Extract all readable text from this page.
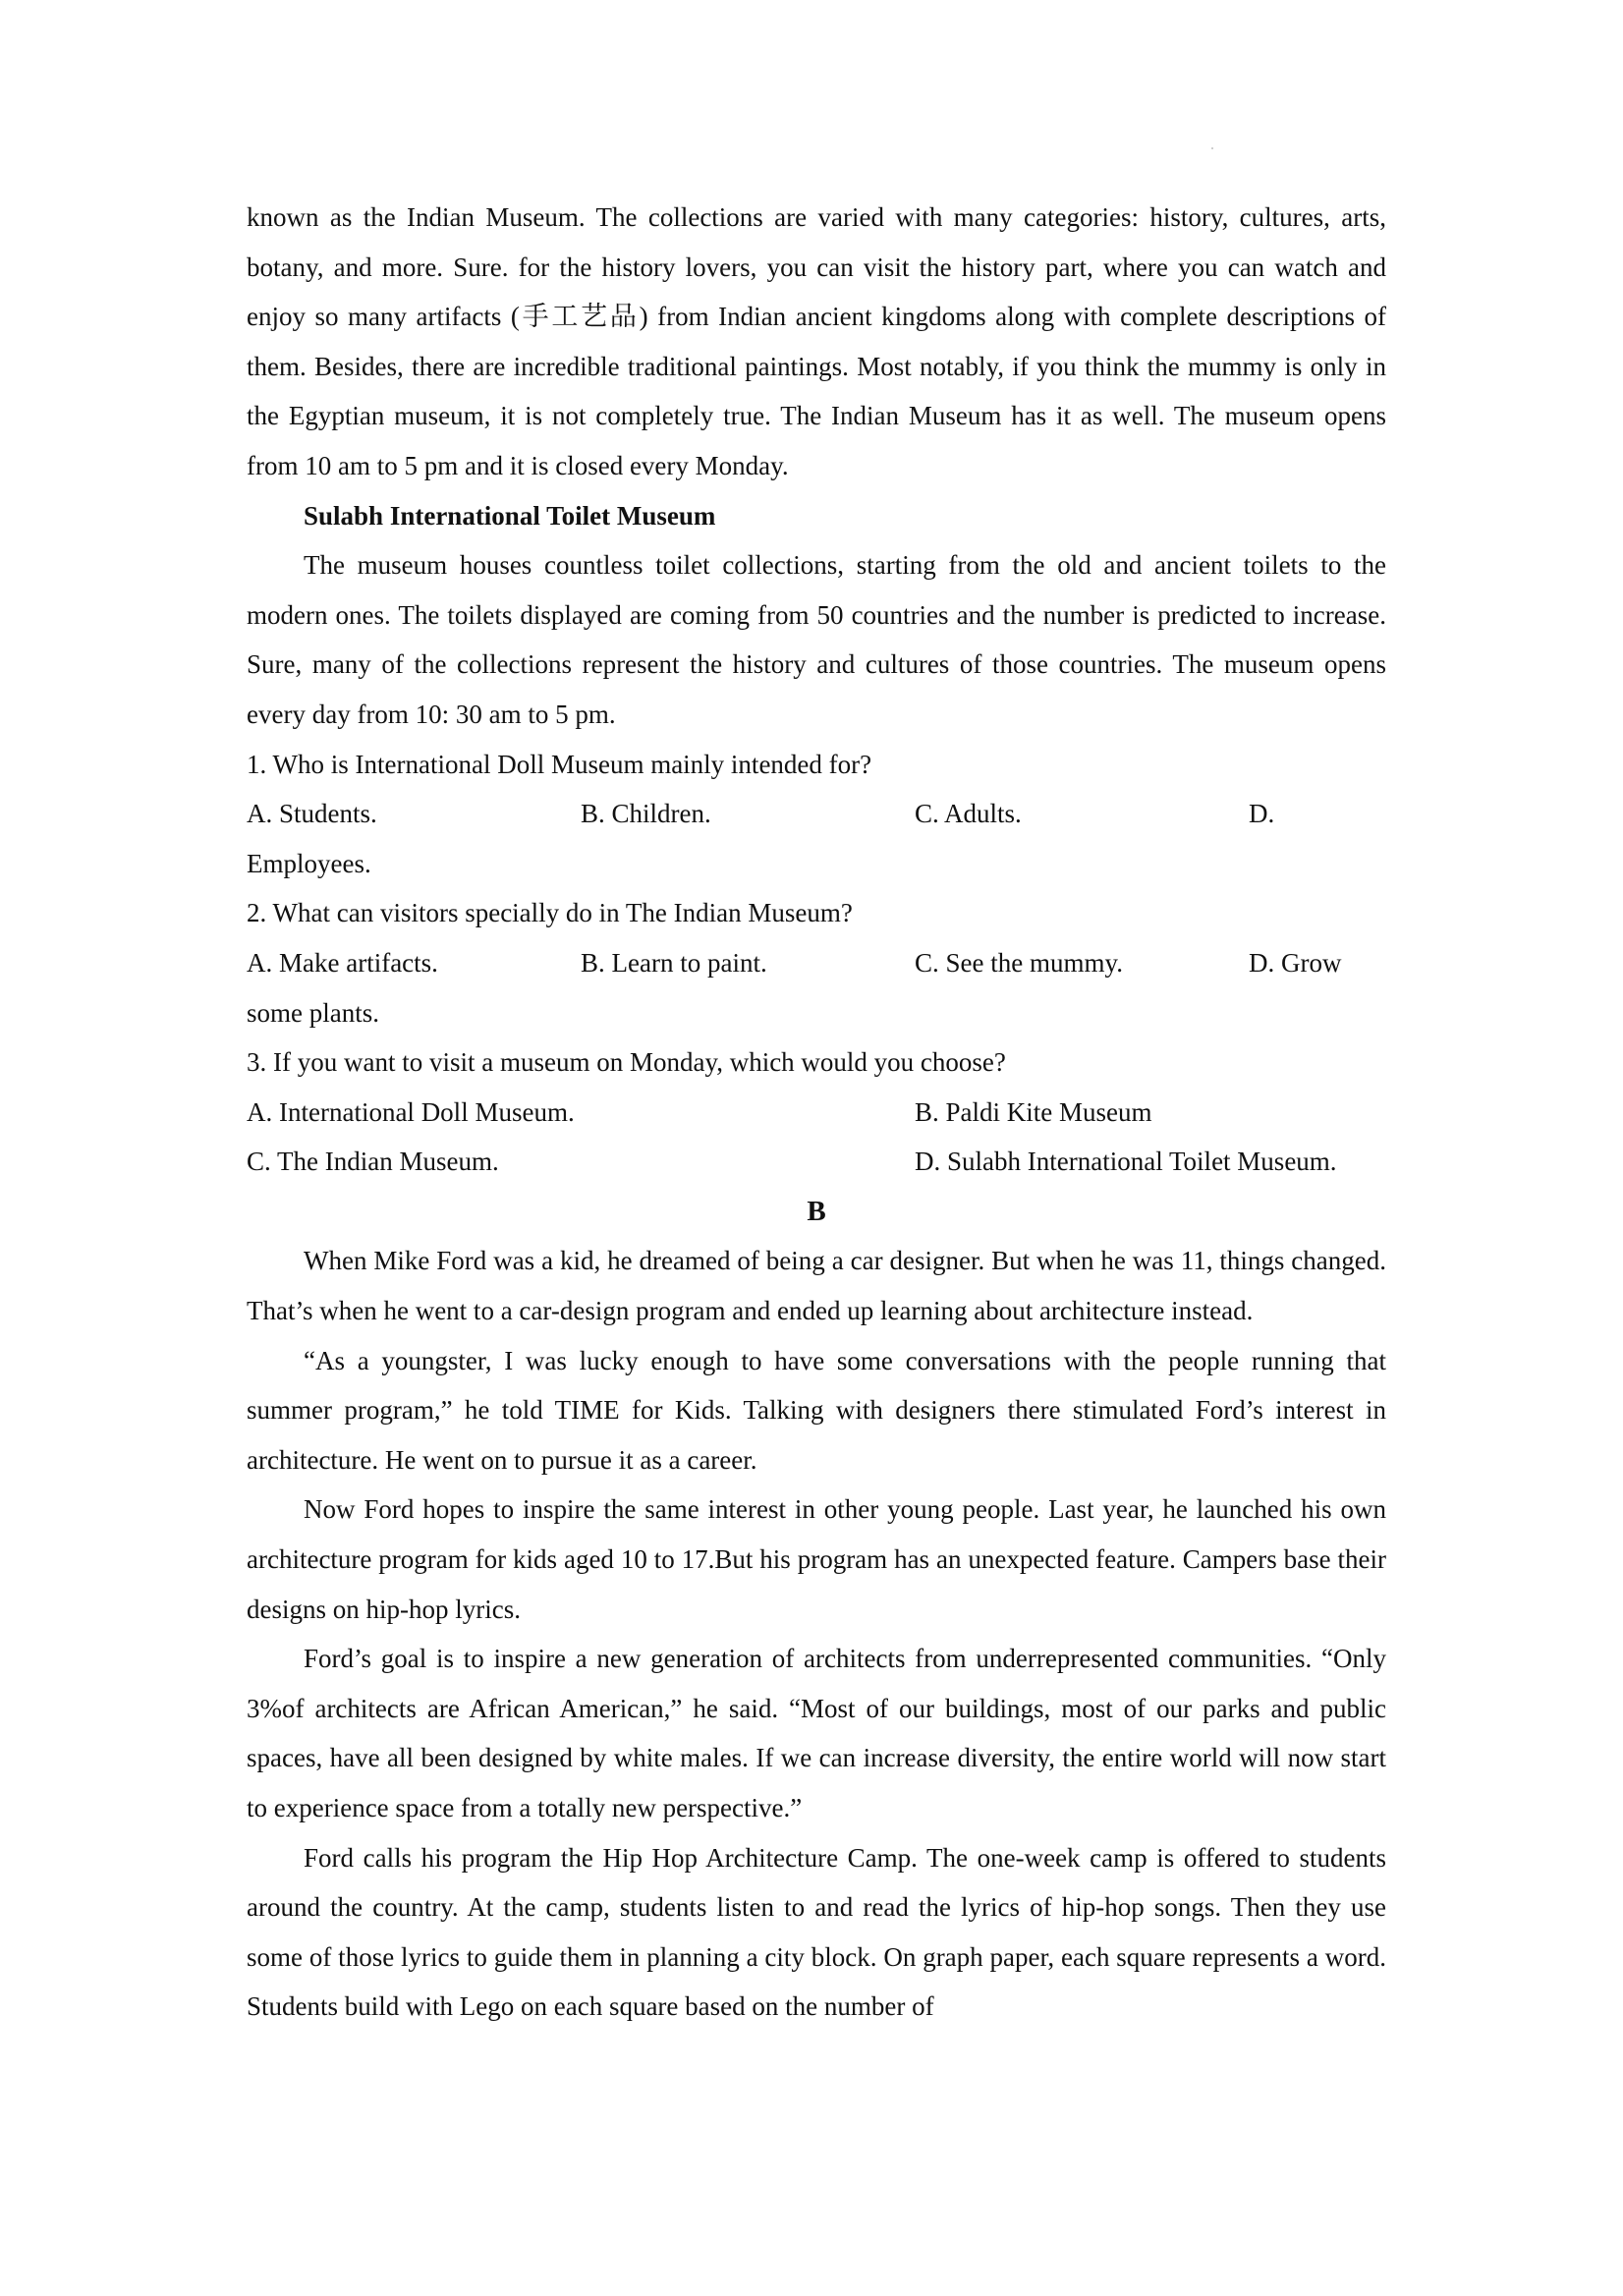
known as the Indian Museum. The collections are varied with many categories: history, cultures, arts, botany, and more. Sure. for the history lovers, you can visit the history part, where you can watch and enjoy so many artifacts (手工艺品) from Indian ancient kingdoms along with complete descriptions of them. Besides, there are incredible traditional paintings. Most notably, if you think the mummy is only in the Egyptian museum, it is not completely true. The Indian Museum has it as well. The museum opens from 10 am to 5 pm and it is closed every Monday.

Sulabh International Toilet Museum

The museum houses countless toilet collections, starting from the old and ancient toilets to the modern ones. The toilets displayed are coming from 50 countries and the number is predicted to increase. Sure, many of the collections represent the history and cultures of those countries. The museum opens every day from 10: 30 am to 5 pm.

1. Who is International Doll Museum mainly intended for?

A. Students.	B. Children.	C. Adults.	D.
Employees.

2. What can visitors specially do in The Indian Museum?

A. Make artifacts.	B. Learn to paint.	C. See the mummy.	D. Grow
some plants.

3. If you want to visit a museum on Monday, which would you choose?

A. International Doll Museum.	B. Paldi Kite Museum
C. The Indian Museum.	D. Sulabh International Toilet Museum.

B

When Mike Ford was a kid, he dreamed of being a car designer. But when he was 11, things changed. That’s when he went to a car-design program and ended up learning about architecture instead.

“As a youngster, I was lucky enough to have some conversations with the people running that summer program,” he told TIME for Kids. Talking with designers there stimulated Ford’s interest in architecture. He went on to pursue it as a career.

Now Ford hopes to inspire the same interest in other young people. Last year, he launched his own architecture program for kids aged 10 to 17.But his program has an unexpected feature. Campers base their designs on hip-hop lyrics.

Ford’s goal is to inspire a new generation of architects from underrepresented communities. “Only 3%of architects are African American,” he said. “Most of our buildings, most of our parks and public spaces, have all been designed by white males. If we can increase diversity, the entire world will now start to experience space from a totally new perspective.”

Ford calls his program the Hip Hop Architecture Camp. The one-week camp is offered to students around the country. At the camp, students listen to and read the lyrics of hip-hop songs. Then they use some of those lyrics to guide them in planning a city block. On graph paper, each square represents a word. Students build with Lego on each square based on the number of
